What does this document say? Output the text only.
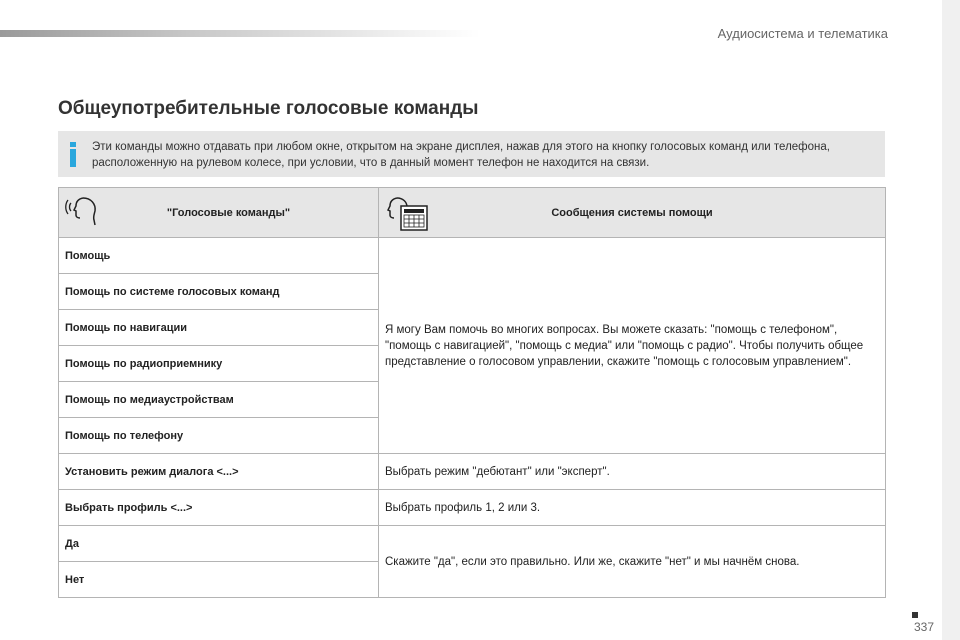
Аудиосистема и телематика
Общеупотребительные голосовые команды
Эти команды можно отдавать при любом окне, открытом на экране дисплея, нажав для этого на кнопку голосовых команд или телефона, расположенную на рулевом колесе, при условии, что в данный момент телефон не находится на связи.
"Голосовые команды"	Сообщения системы помощи

Помощь	Я могу Вам помочь во многих вопросах. Вы можете сказать: "помощь с телефоном", "помощь с навигацией", "помощь с медиа" или "помощь с радио". Чтобы получить общее представление о голосовом управлении, скажите "помощь с голосовым управлением".
Помощь по системе голосовых команд	
Помощь по навигации	
Помощь по радиоприемнику	
Помощь по медиаустройствам	
Помощь по телефону	
Установить режим диалога <...>	Выбрать режим "дебютант" или "эксперт".
Выбрать профиль <...>	Выбрать профиль 1, 2 или 3.
Да	Скажите "да", если это правильно. Или же, скажите "нет" и мы начнём снова.
Нет	
337
